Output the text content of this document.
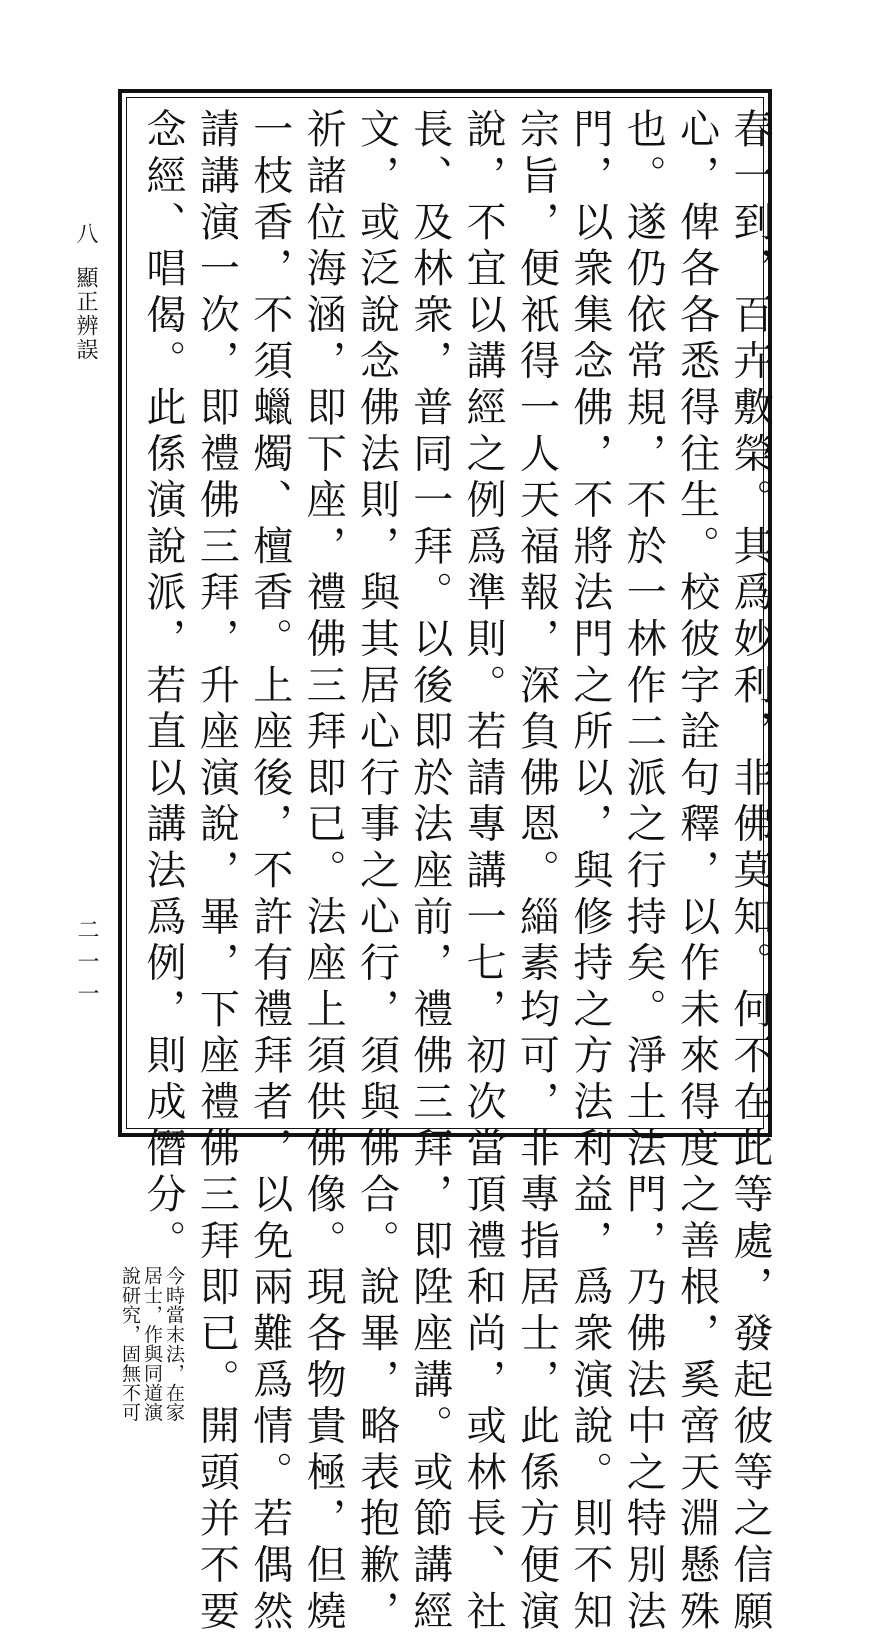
八顯正辨誤
二一一	春一到，百卉敷榮。其爲妙利，非佛莫知。何不在此等處，發起彼等之信願
心，俾各各悉得往生。校彼字詮句釋，以作未來得度之善根，奚啻天淵懸殊
也。遂仍依常規，不於一林作二派之行持矣。淨土法門，乃佛法中之特別法
門，以衆集念佛，不將法門之所以，與修持之方法利益，爲衆演說。則不知
宗旨，便衹得一人天福報，深負佛恩。緇素均可，非專指居士，此係方便演
說，不宜以講經之例爲準則。若請專講一七，初次當頂禮和尚，或林長、社
長、及林衆，普同一拜。以後即於法座前，禮佛三拜，即陞座講。或節講經
文，或泛說念佛法則，與其居心行事之心行，須與佛合。說畢，略表抱歉，
祈諸位海涵，即下座，禮佛三拜即已。法座上須供佛像。現各物貴極，但燒
一枝香，不須蠟燭、檀香。上座後，不許有禮拜者，以免兩難爲情。若偶然
請講演一次，即禮佛三拜，升座演說，畢，下座禮佛三拜即已。開頭并不要
念經、唱偈。此係演說派，若直以講法爲例，則成僭分。今時當末法，在家居士，作與同道演說研究，固無不可
